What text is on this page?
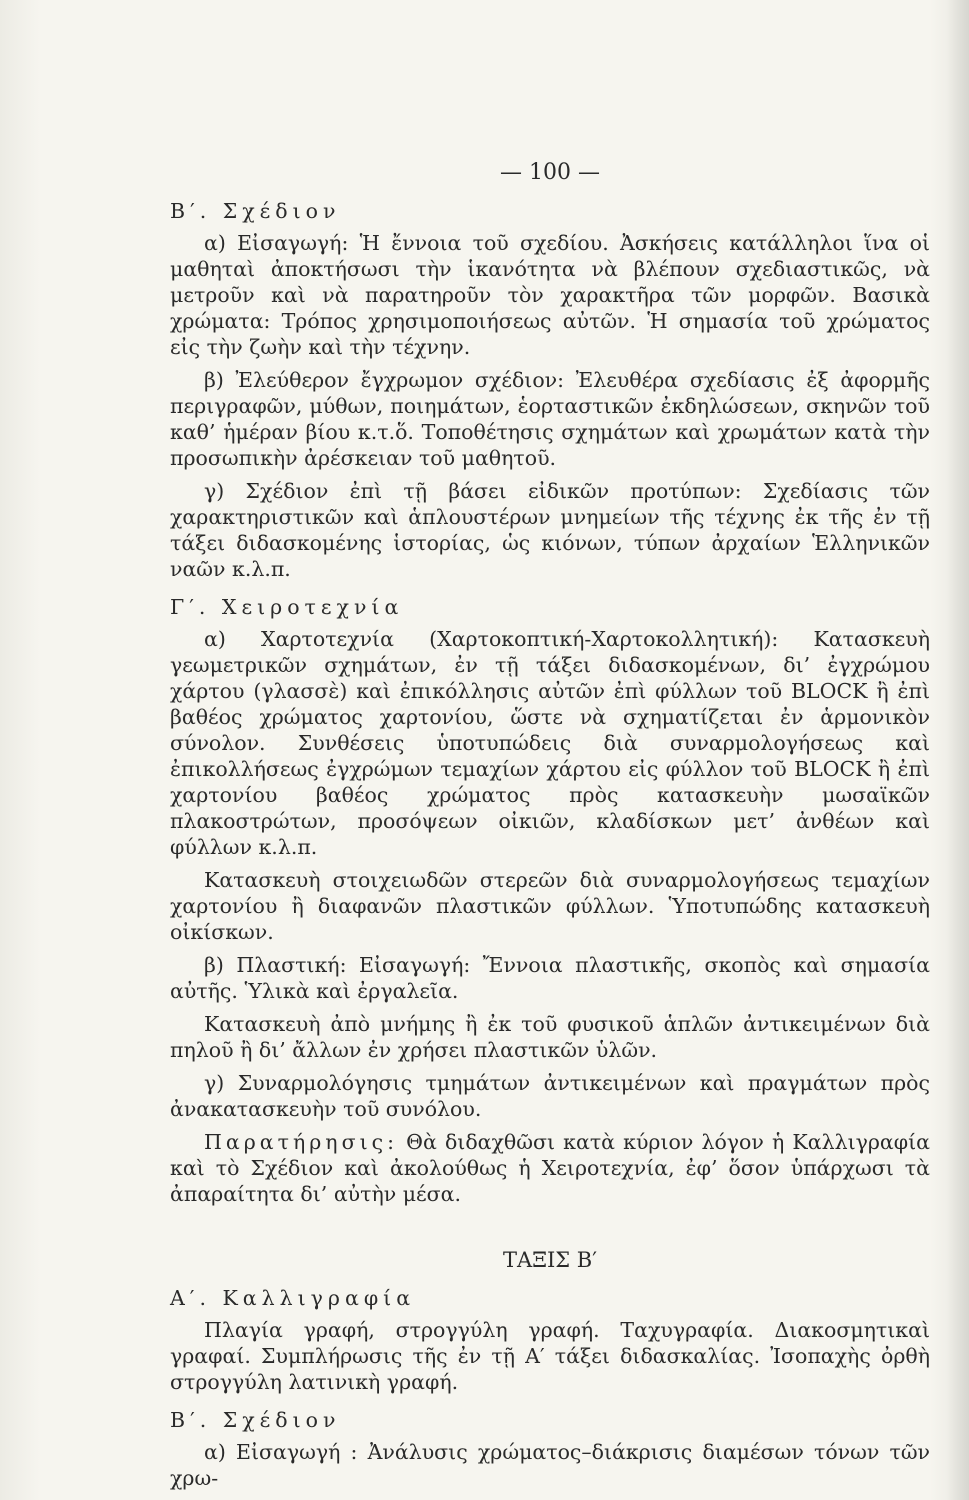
— 100 —
Β′. Σχέδιον

α) Εἰσαγωγή: Ἡ ἔννοια τοῦ σχεδίου. Ἀσκήσεις κατάλληλοι ἵνα οἱ μαθηταὶ ἀποκτήσωσι τὴν ἱκανότητα νὰ βλέπουν σχεδιαστικῶς, νὰ μετροῦν καὶ νὰ παρατηροῦν τὸν χαρακτῆρα τῶν μορφῶν. Βασικὰ χρώματα: Τρόπος χρησιμοποιήσεως αὐτῶν. Ἡ σημασία τοῦ χρώματος εἰς τὴν ζωὴν καὶ τὴν τέχνην.

β) Ἐλεύθερον ἔγχρωμον σχέδιον: Ἐλευθέρα σχεδίασις ἐξ ἀφορμῆς περιγραφῶν, μύθων, ποιημάτων, ἑορταστικῶν ἐκδηλώσεων, σκηνῶν τοῦ καθ’ ἡμέραν βίου κ.τ.ὅ. Τοποθέτησις σχημάτων καὶ χρωμάτων κατὰ τὴν προσωπικὴν ἀρέσκειαν τοῦ μαθητοῦ.

γ) Σχέδιον ἐπὶ τῇ βάσει εἰδικῶν προτύπων: Σχεδίασις τῶν χαρακτηριστικῶν καὶ ἁπλουστέρων μνημείων τῆς τέχνης ἐκ τῆς ἐν τῇ τάξει διδασκομένης ἱστορίας, ὡς κιόνων, τύπων ἀρχαίων Ἑλληνικῶν ναῶν κ.λ.π.

Γ′. Χειροτεχνία

α) Χαρτοτεχνία (Χαρτοκοπτική-Χαρτοκολλητική): Κατασκευὴ γεωμετρικῶν σχημάτων, ἐν τῇ τάξει διδασκομένων, δι’ ἐγχρώμου χάρτου (γλασσὲ) καὶ ἐπικόλλησις αὐτῶν ἐπὶ φύλλων τοῦ BLOCK ἢ ἐπὶ βαθέος χρώματος χαρτονίου, ὥστε νὰ σχηματίζεται ἐν ἁρμονικὸν σύνολον. Συνθέσεις ὑποτυπώδεις διὰ συναρμολογήσεως καὶ ἐπικολλήσεως ἐγχρώμων τεμαχίων χάρτου εἰς φύλλον τοῦ BLOCK ἢ ἐπὶ χαρτονίου βαθέος χρώματος πρὸς κατασκευὴν μωσαϊκῶν πλακοστρώτων, προσόψεων οἰκιῶν, κλαδίσκων μετ’ ἀνθέων καὶ φύλλων κ.λ.π.

Κατασκευὴ στοιχειωδῶν στερεῶν διὰ συναρμολογήσεως τεμαχίων χαρτονίου ἢ διαφανῶν πλαστικῶν φύλλων. Ὑποτυπώδης κατασκευὴ οἰκίσκων.

β) Πλαστική: Εἰσαγωγή: Ἔννοια πλαστικῆς, σκοπὸς καὶ σημασία αὐτῆς. Ὑλικὰ καὶ ἐργαλεῖα.

Κατασκευὴ ἀπὸ μνήμης ἢ ἐκ τοῦ φυσικοῦ ἁπλῶν ἀντικειμένων διὰ πηλοῦ ἢ δι’ ἄλλων ἐν χρήσει πλαστικῶν ὑλῶν.

γ) Συναρμολόγησις τμημάτων ἀντικειμένων καὶ πραγμάτων πρὸς ἀνακατασκευὴν τοῦ συνόλου.

Παρατήρησις: Θὰ διδαχθῶσι κατὰ κύριον λόγον ἡ Καλλιγραφία καὶ τὸ Σχέδιον καὶ ἀκολούθως ἡ Χειροτεχνία, ἐφ’ ὅσον ὑπάρχωσι τὰ ἀπαραίτητα δι’ αὐτὴν μέσα.

ΤΑΞΙΣ Β′
Α′. Καλλιγραφία

Πλαγία γραφή, στρογγύλη γραφή. Ταχυγραφία. Διακοσμητικαὶ γραφαί. Συμπλήρωσις τῆς ἐν τῇ Α′ τάξει διδασκαλίας. Ἰσοπαχὴς ὀρθὴ στρογγύλη λατινικὴ γραφή.

Β′. Σχέδιον

α) Εἰσαγωγή : Ἀνάλυσις χρώματος–διάκρισις διαμέσων τόνων τῶν χρω-
